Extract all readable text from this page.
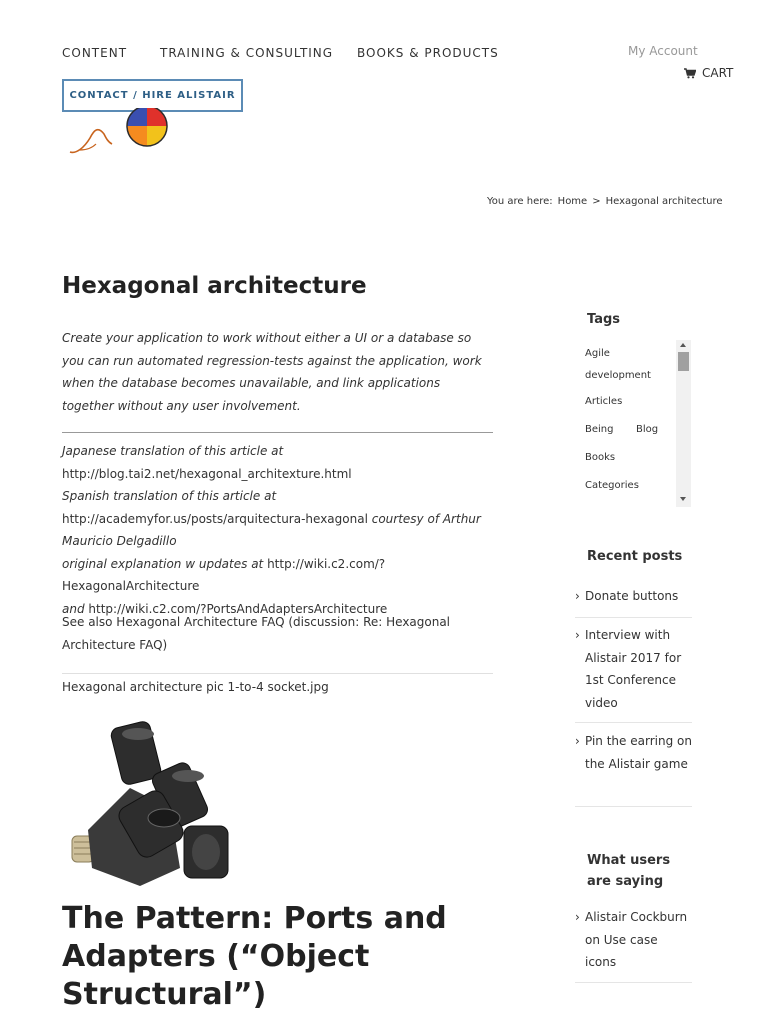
CONTENT	TRAINING & CONSULTING BOOKS & PRODUCTS	My Account
CART
CONTACT / HIRE ALISTAIR
You are here: Home > Hexagonal architecture
Hexagonal architecture

Create your application to work without either a UI or a database so you can run automated regression-tests against the application, work when the database becomes unavailable, and link applications together without any user involvement.

Japanese translation of this article at
http://blog.tai2.net/hexagonal_architexture.html
Spanish translation of this article at
http://academyfor.us/posts/arquitectura-hexagonal courtesy of Arthur Mauricio Delgadillo
original explanation w updates at http://wiki.c2.com/?HexagonalArchitecture
and http://wiki.c2.com/?PortsAndAdaptersArchitecture

See also Hexagonal Architecture FAQ (discussion: Re: Hexagonal Architecture FAQ)

Hexagonal architecture pic 1-to-4 socket.jpg
The Pattern: Ports and Adapters (“Object Structural”)
Tags
Agile development
Articles
Being Blog
Books
Categories
Recent posts
› Donate buttons
› Interview with Alistair 2017 for 1st Conference video
› Pin the earring on the Alistair game
What users are saying
› Alistair Cockburn on Use case icons
